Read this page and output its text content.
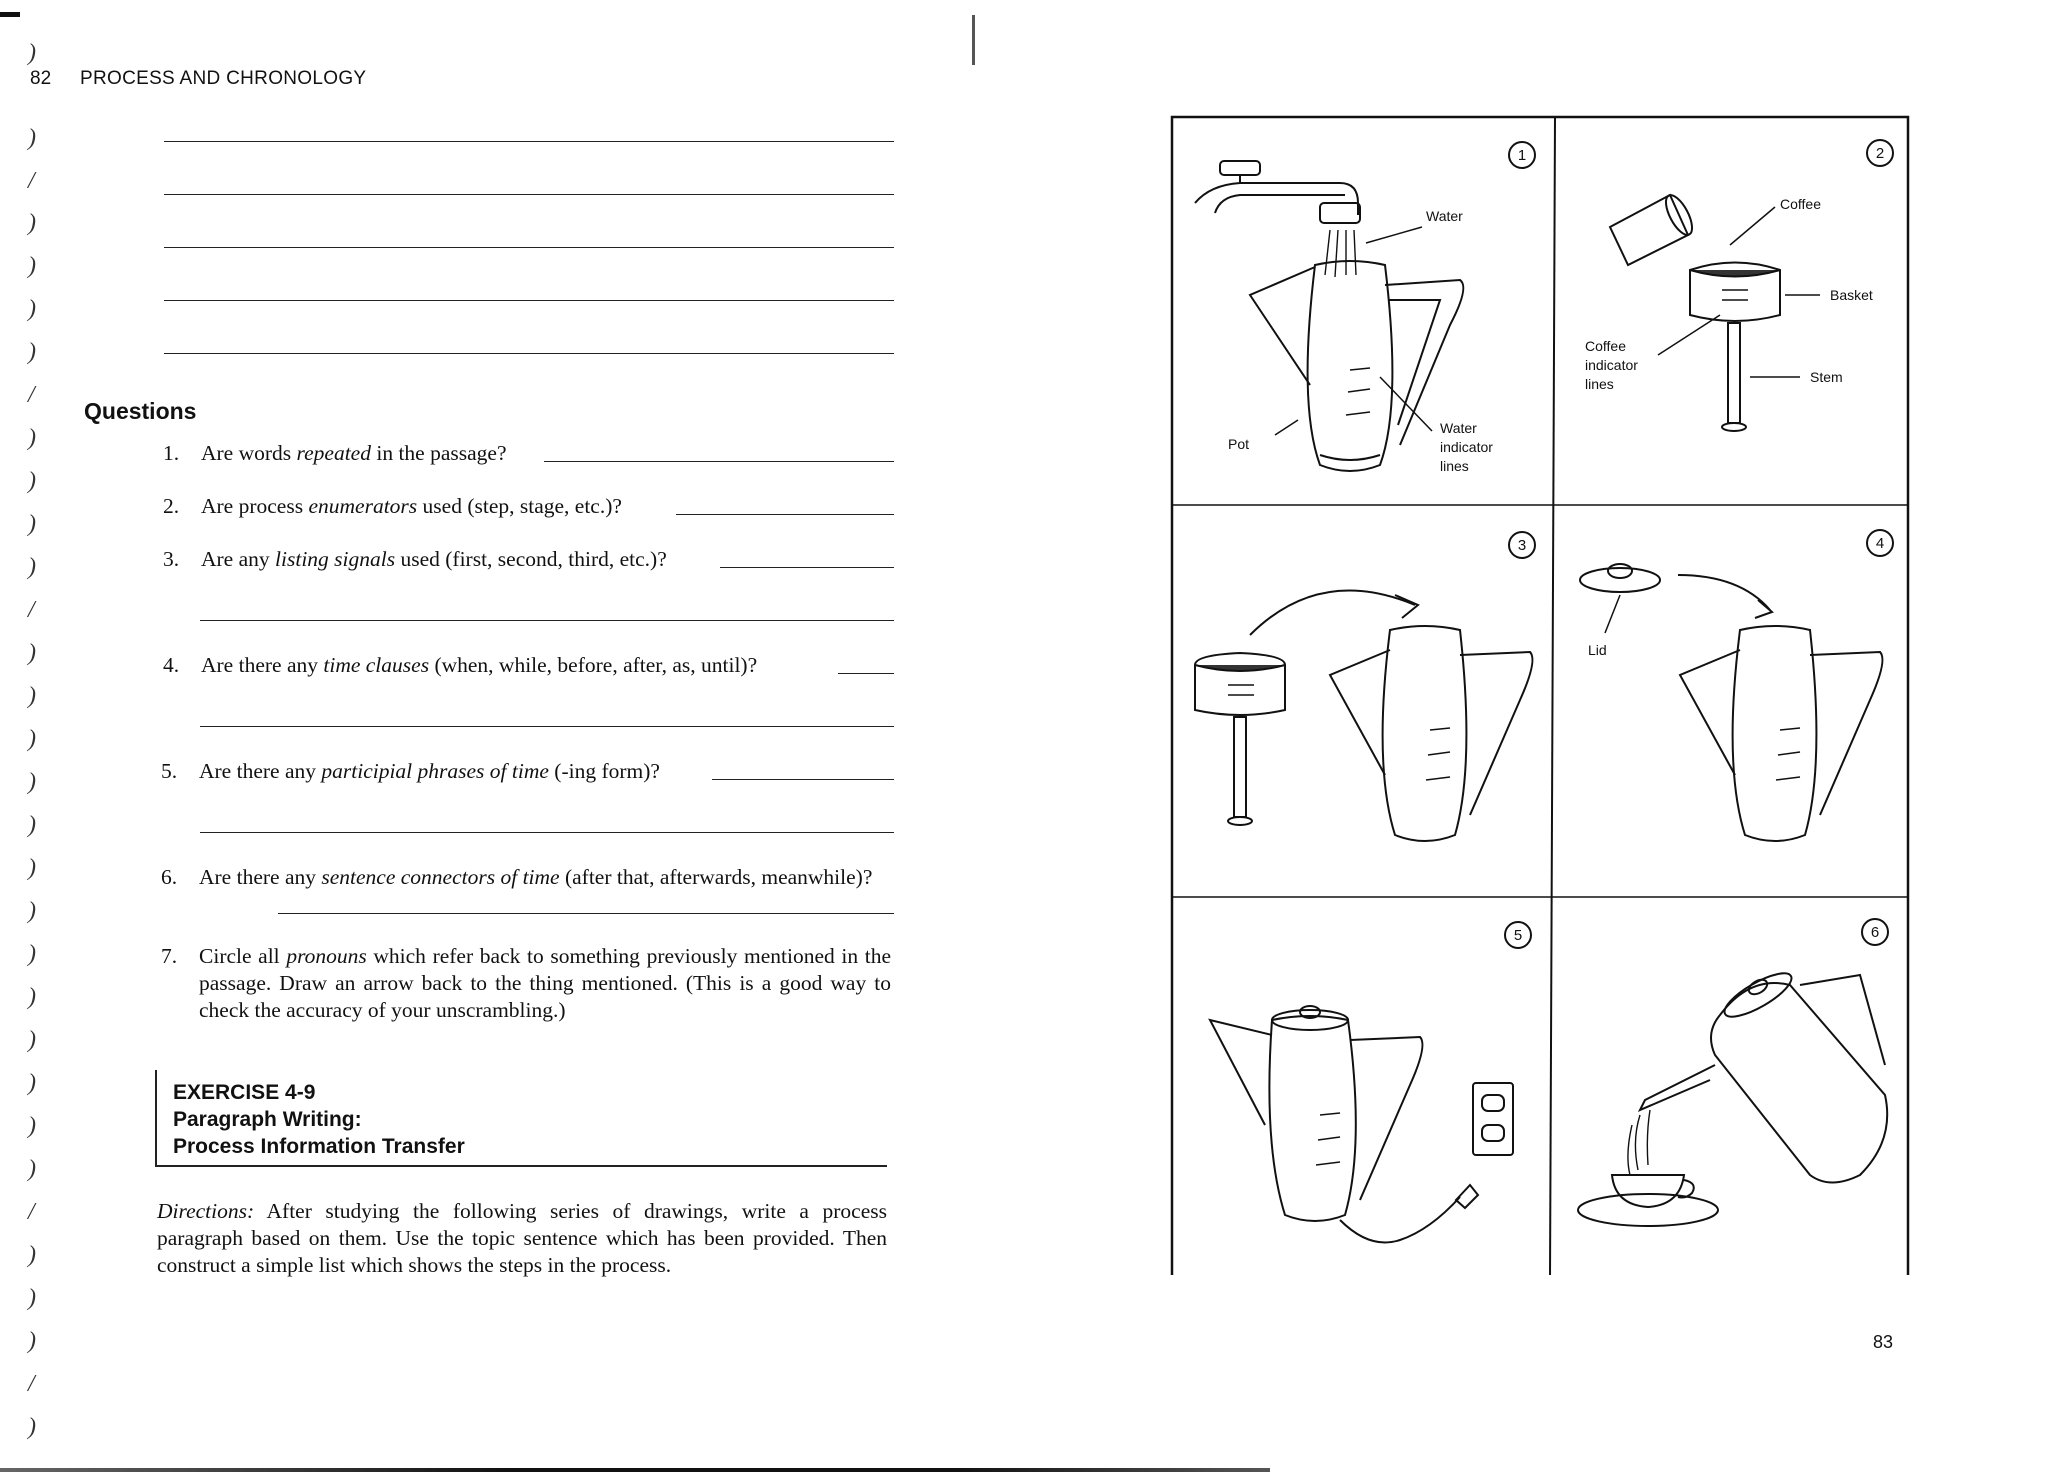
)
)
/
)
)
)
)
/
)
)
)
)
/
)
)
)
)
)
)
)
)
)
)
)
)
)
/
)
)
)
/
)
82 PROCESS AND CHRONOLOGY
Questions
1. Are words repeated in the passage?
2. Are process enumerators used (step, stage, etc.)?
3. Are any listing signals used (first, second, third, etc.)?
4. Are there any time clauses (when, while, before, after, as, until)?
5. Are there any participial phrases of time (-ing form)?
6. Are there any sentence connectors of time (after that, afterwards, meanwhile)?
7. Circle all pronouns which refer back to something previously mentioned in the passage. Draw an arrow back to the thing mentioned. (This is a good way to check the accuracy of your unscrambling.)
EXERCISE 4-9
Paragraph Writing:
Process Information Transfer
Directions: After studying the following series of drawings, write a process paragraph based on them. Use the topic sentence which has been provided. Then construct a simple list which shows the steps in the process.
1
Water
Pot
Water
indicator
lines
2
Coffee
Basket
Coffee
indicator
lines	Stem
3	4
Lid
5	6
83
